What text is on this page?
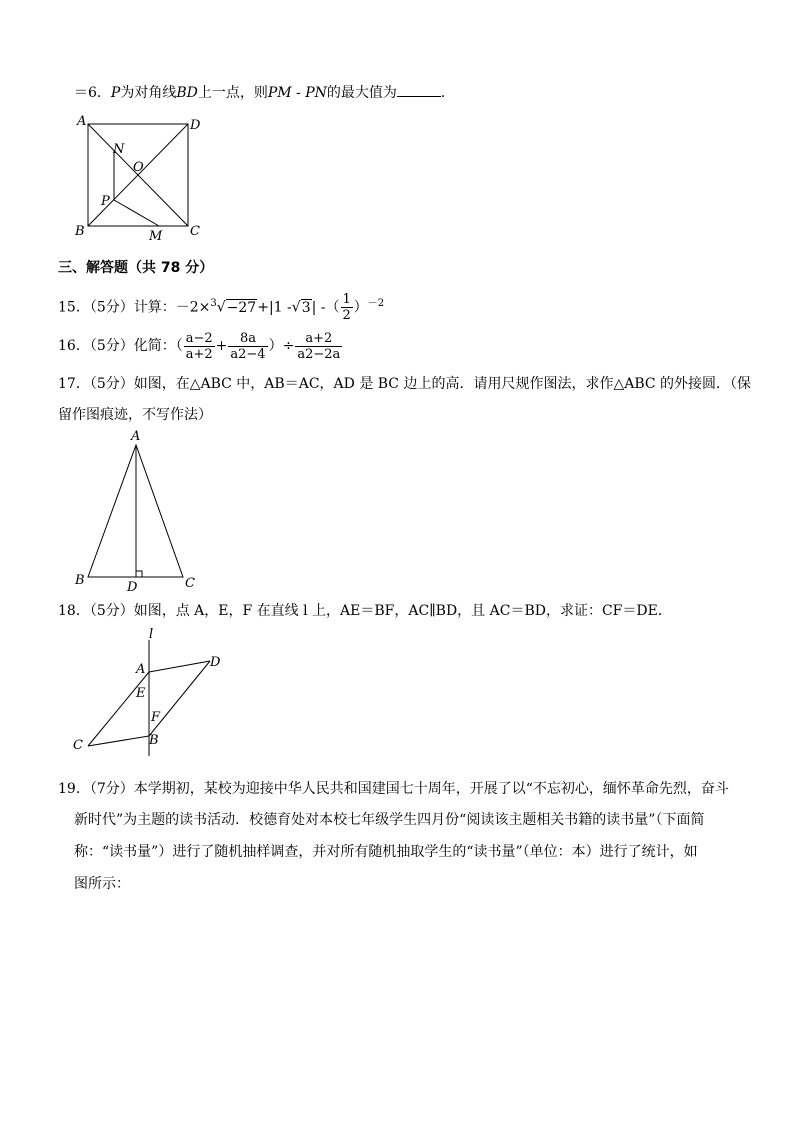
＝6．P为对角线BD上一点，则PM - PN的最大值为	．
A	D
B	C
N
O
P
M
三、解答题（共 78 分）
15．（5分）计算：－2×$^3$√−27+|1 -√3| -（ $\frac{1}{2} )^{-2}$
16．（5分）化简：（ $\frac{a-2}{a+2} + \frac{8a}{a2-4}$ ）÷ $\frac{a+2}{a2-2a}$
17．（5分）如图，在△ABC 中，AB＝AC，AD 是 BC 边上的高．请用尺规作图法，求作△ABC 的外接圆．（保
留作图痕迹，不写作法）
A
B	C
D
18．（5分）如图，点 A，E，F 在直线 l 上，AE＝BF，AC∥BD，且 AC＝BD，求证：CF＝DE．
l
A	D
E
F
B
C
19．（7分）本学期初，某校为迎接中华人民共和国建国七十周年，开展了以“不忘初心，缅怀革命先烈，奋斗
新时代”为主题的读书活动．校德育处对本校七年级学生四月份“阅读该主题相关书籍的读书量”（下面简
称：“读书量”）进行了随机抽样调查，并对所有随机抽取学生的“读书量”（单位：本）进行了统计，如
图所示：
